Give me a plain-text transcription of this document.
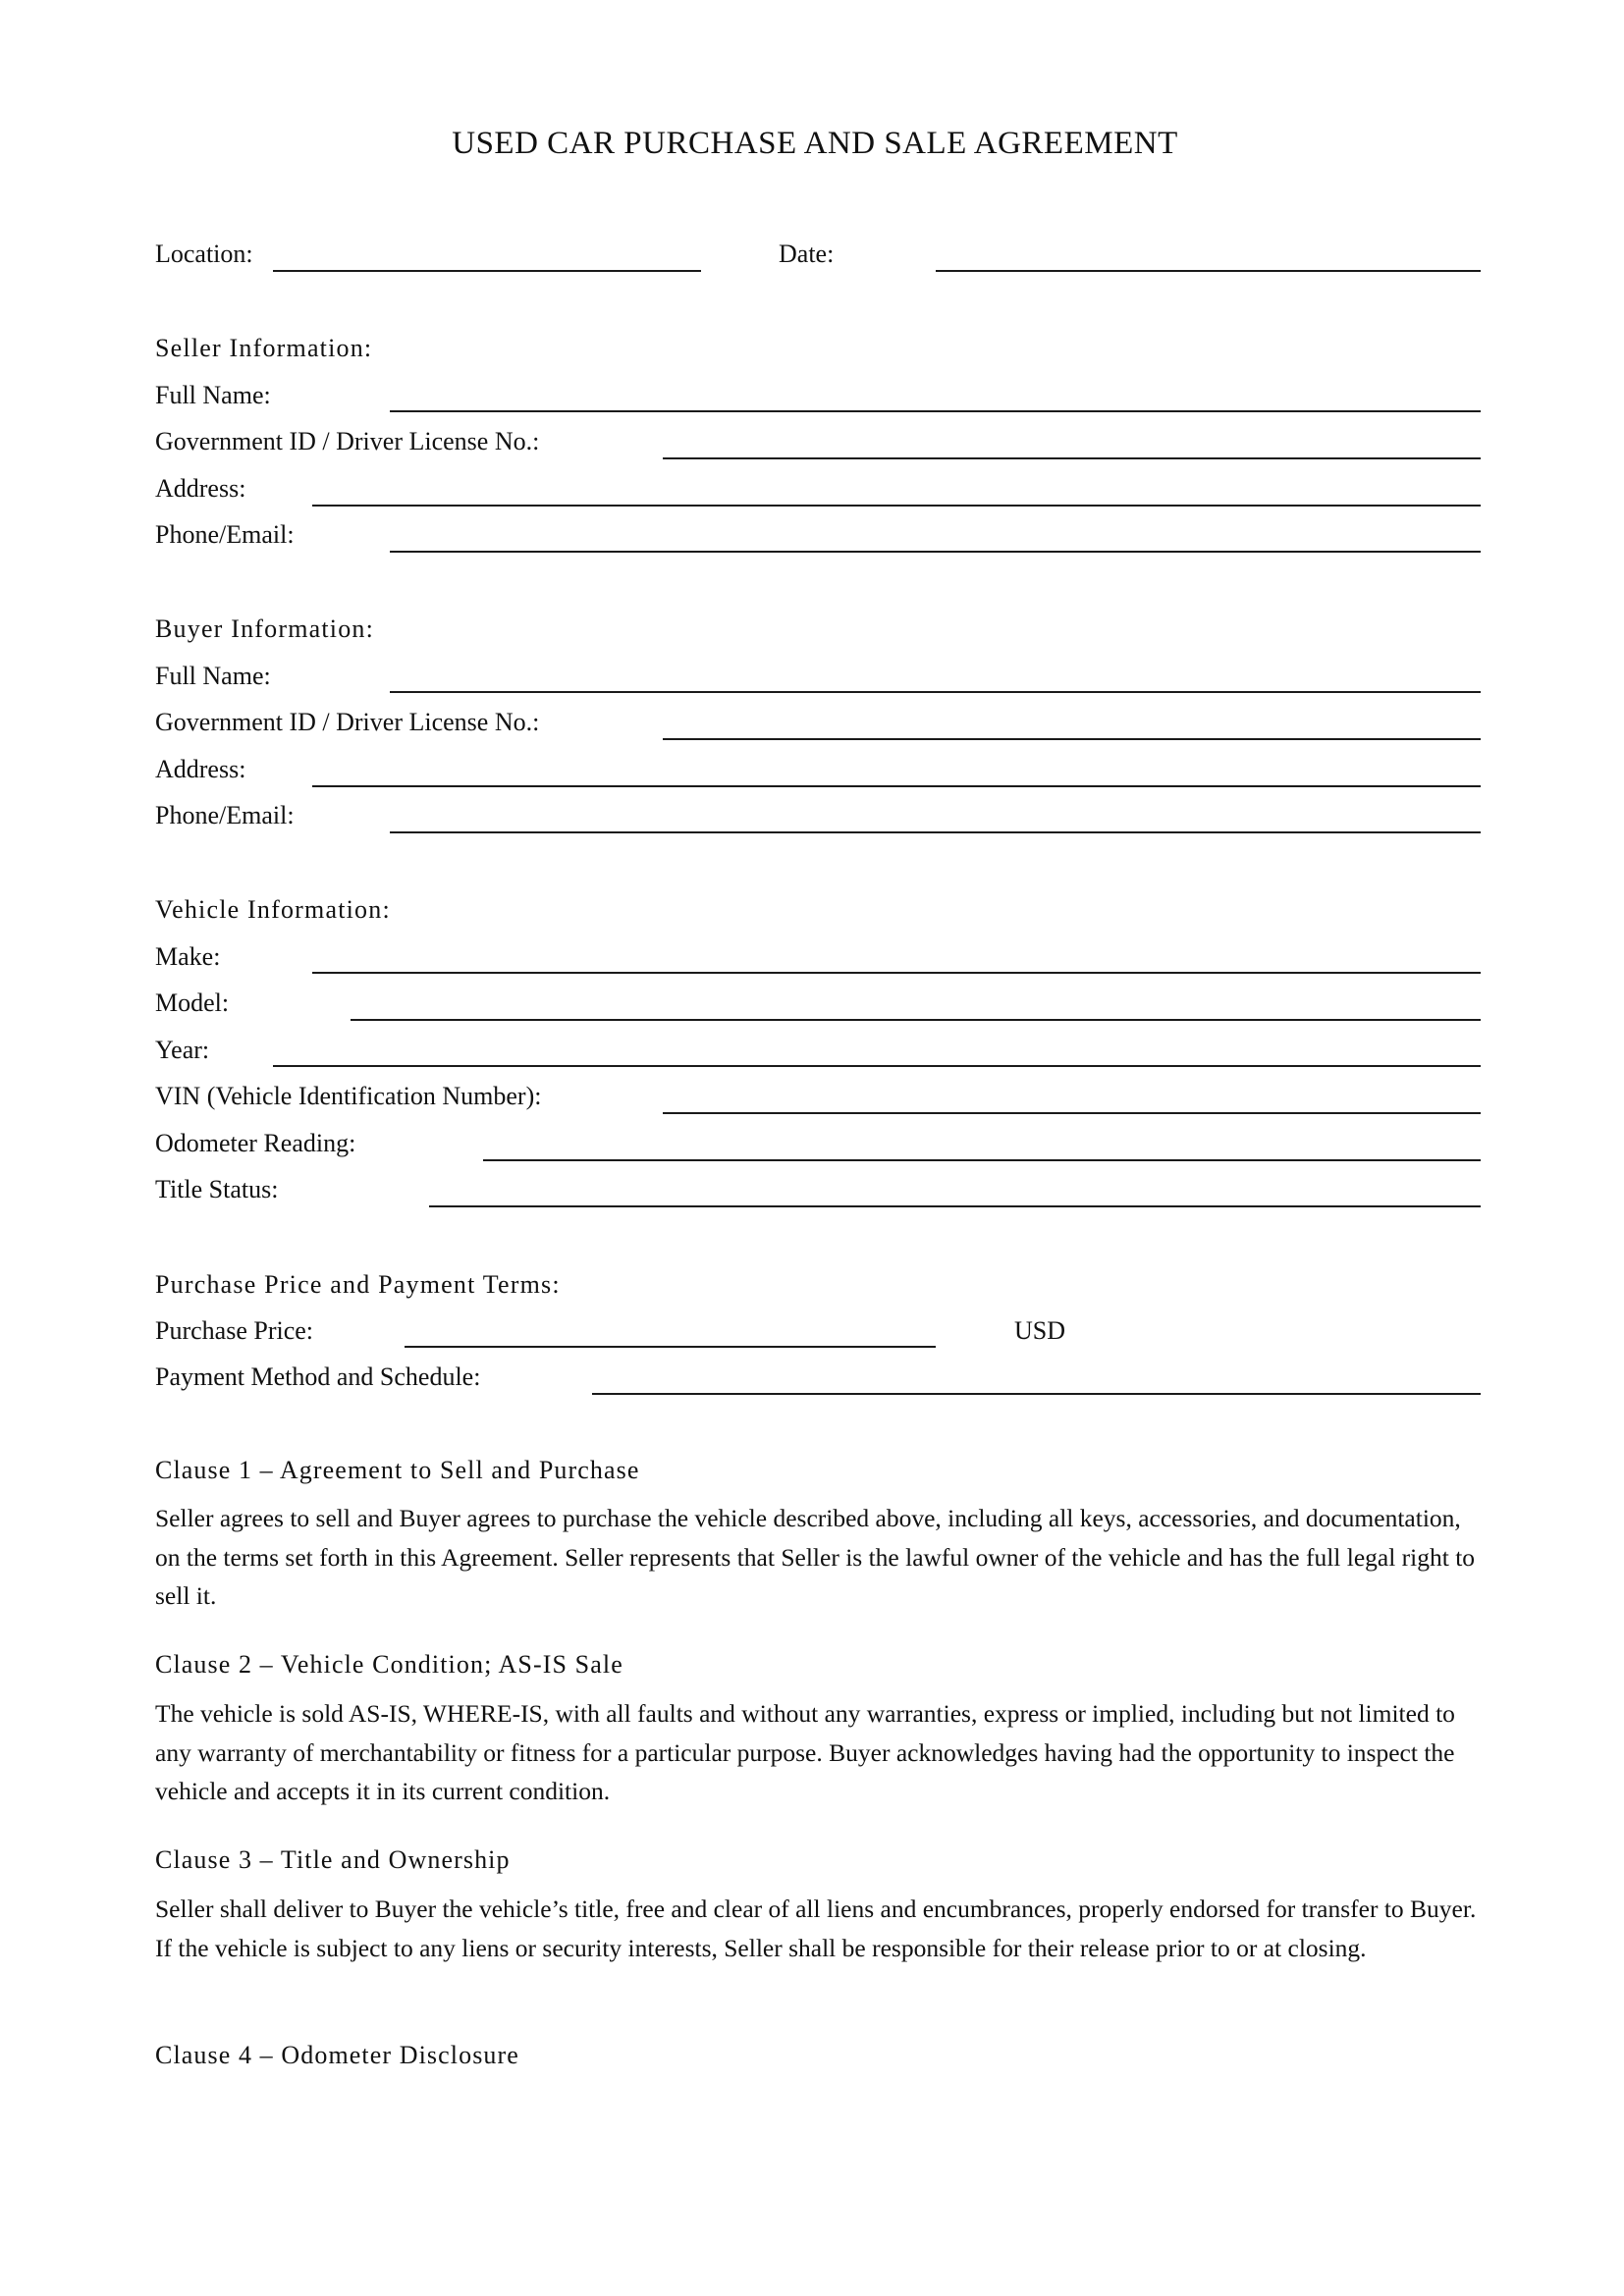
USED CAR PURCHASE AND SALE AGREEMENT
Location:	Date:
Seller Information:
Full Name:
Government ID / Driver License No.:
Address:
Phone/Email:
Buyer Information:
Full Name:
Government ID / Driver License No.:
Address:
Phone/Email:
Vehicle Information:
Make:
Model:
Year:
VIN (Vehicle Identification Number):
Odometer Reading:
Title Status:
Purchase Price and Payment Terms:
Purchase Price:	USD
Payment Method and Schedule:
Clause 1 – Agreement to Sell and Purchase
Seller agrees to sell and Buyer agrees to purchase the vehicle described above, including all keys, accessories, and documentation, on the terms set forth in this Agreement. Seller represents that Seller is the lawful owner of the vehicle and has the full legal right to sell it.
Clause 2 – Vehicle Condition; AS-IS Sale
The vehicle is sold AS-IS, WHERE-IS, with all faults and without any warranties, express or implied, including but not limited to any warranty of merchantability or fitness for a particular purpose. Buyer acknowledges having had the opportunity to inspect the vehicle and accepts it in its current condition.
Clause 3 – Title and Ownership
Seller shall deliver to Buyer the vehicle’s title, free and clear of all liens and encumbrances, properly endorsed for transfer to Buyer. If the vehicle is subject to any liens or security interests, Seller shall be responsible for their release prior to or at closing.
Clause 4 – Odometer Disclosure
